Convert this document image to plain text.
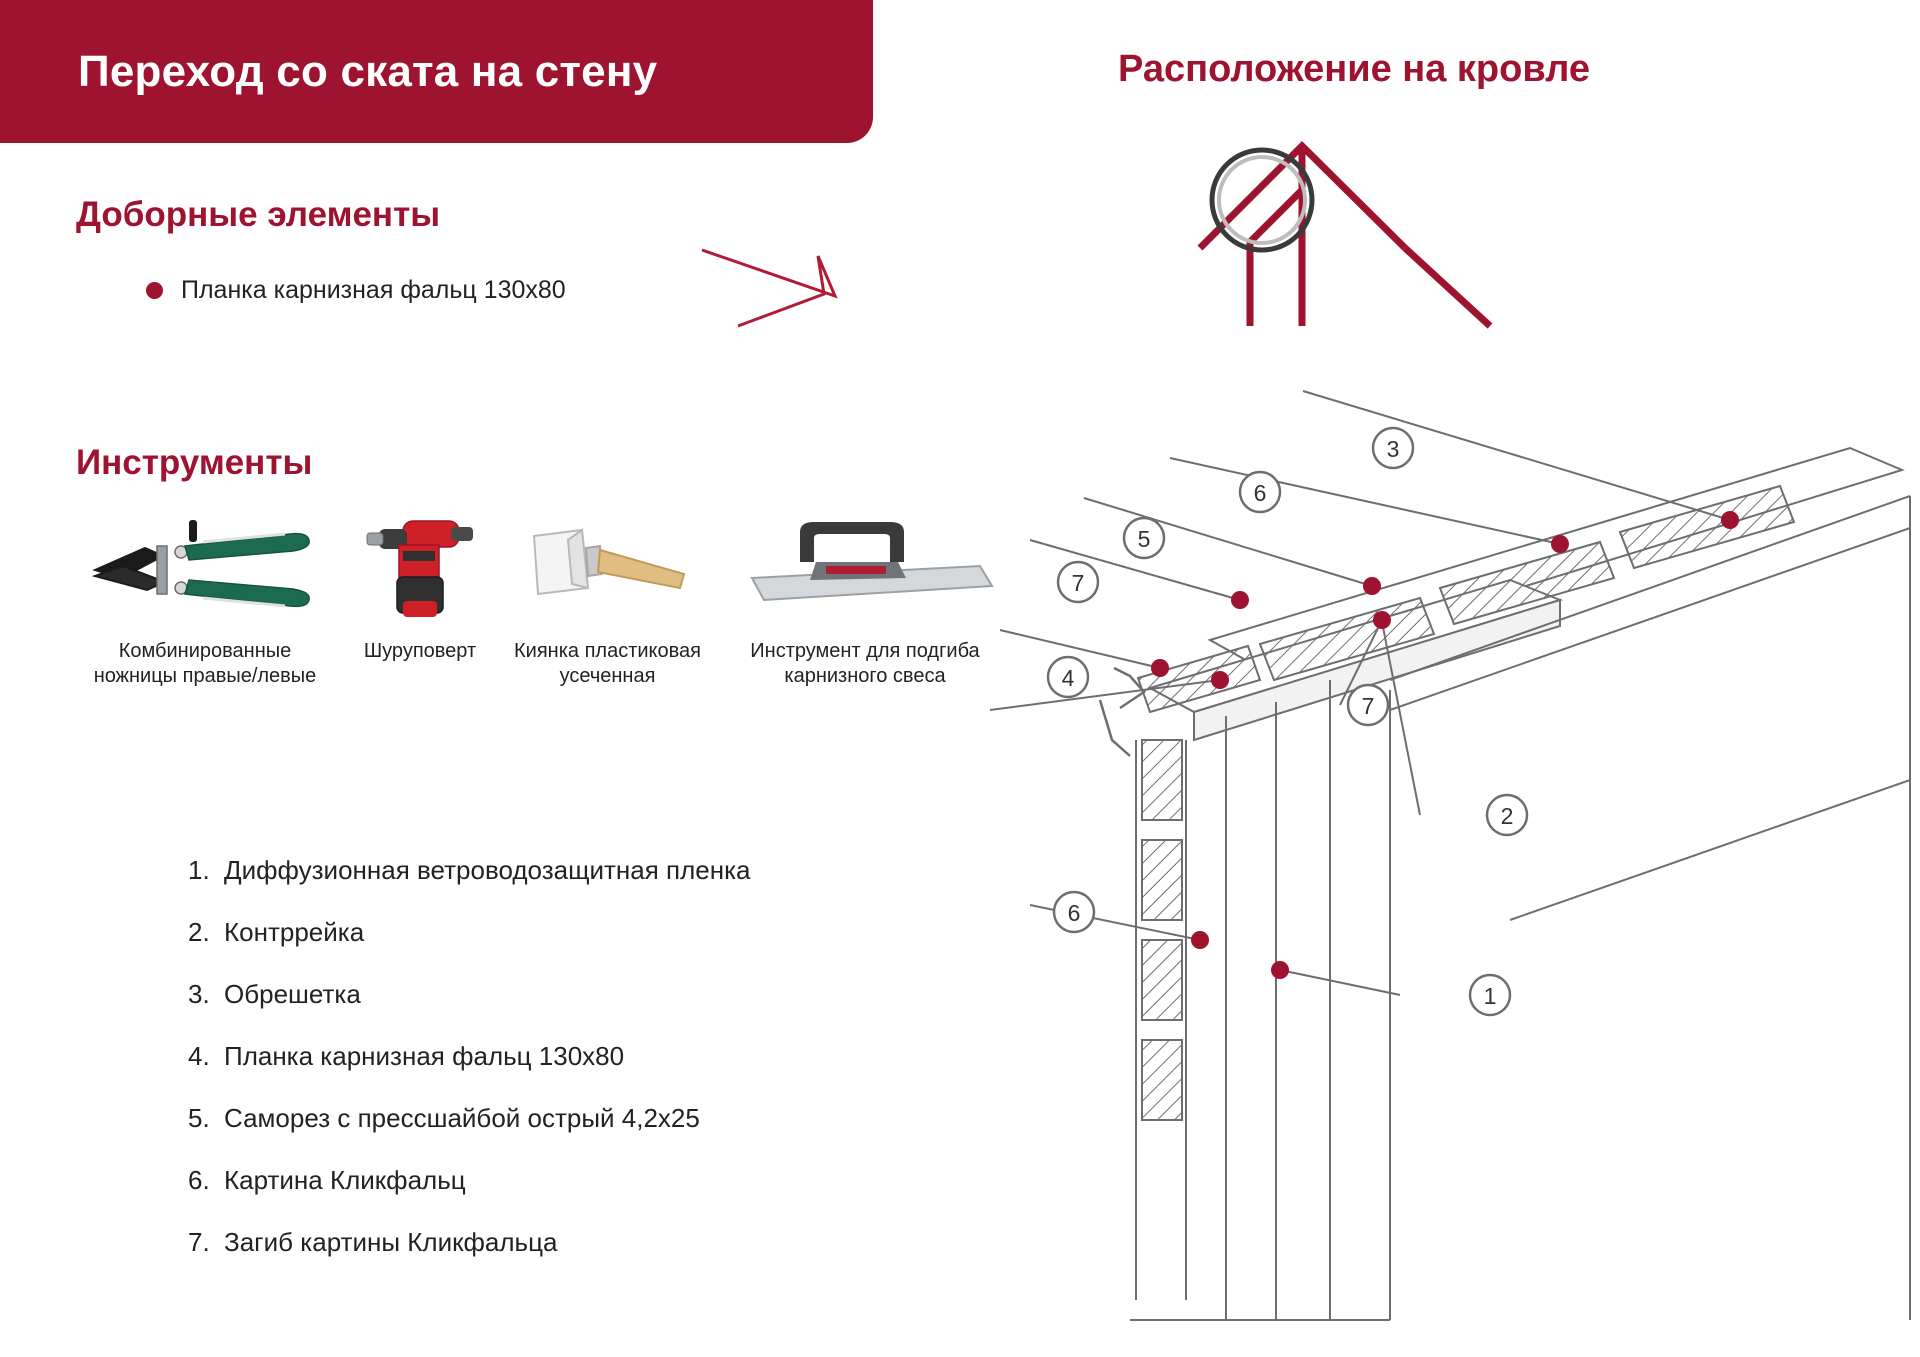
Переход со ската на стену	Расположение на кровле
Доборные элементы
Планка карнизная фальц 130х80
Инструменты
Комбинированные
ножницы правые/левые
Шуруповерт Киянка пластиковая
усеченная
Инструмент для подгиба
карнизного свеса
1. Диффузионная ветроводозащитная пленка
2. Контррейка
3. Обрешетка
4. Планка карнизная фальц 130х80
5. Саморез с прессшайбой острый 4,2х25
6. Картина Кликфальц
7. Загиб картины Кликфальца
3
6
5
7
4
7
2
6
1
